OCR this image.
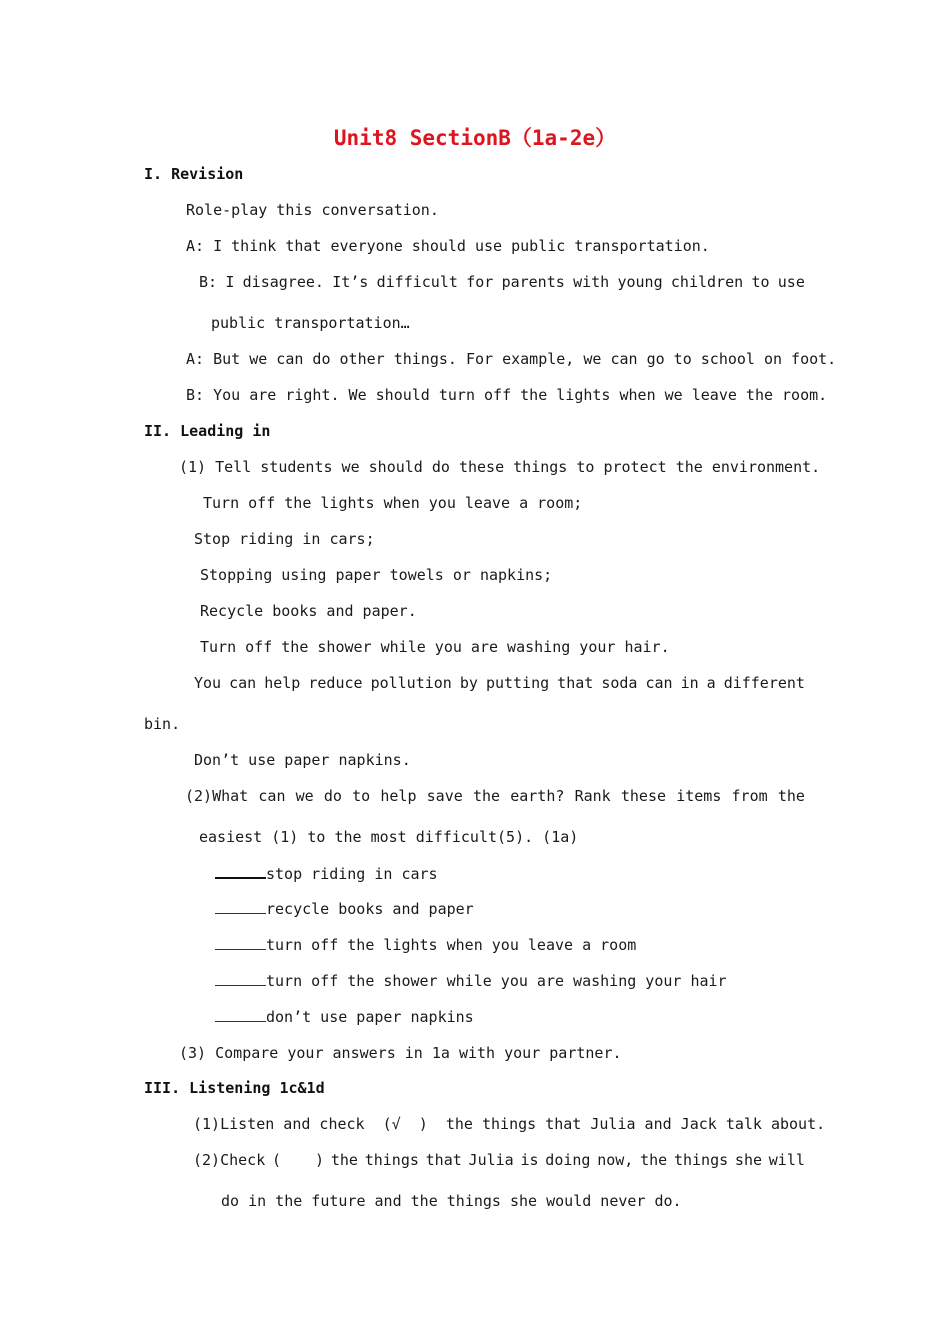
Unit8 SectionB（1a-2e）
I. Revision
Role-play this conversation.
A: I think that everyone should use public transportation.
B: I disagree. It’s difficult for parents with young children to use
public transportation…
A: But we can do other things. For example, we can go to school on foot.
B: You are right. We should turn off the lights when we leave the room.
II. Leading in
(1) Tell students we should do these things to protect the environment.
Turn off the lights when you leave a room;
Stop riding in cars;
Stopping using paper towels or napkins;
Recycle books and paper.
Turn off the shower while you are washing your hair.
You can help reduce pollution by putting that soda can in a different
bin.
Don’t use paper napkins.
(2)What can we do to help save the earth? Rank these items from the
easiest (1) to the most difficult(5). (1a)
stop riding in cars
recycle books and paper
turn off the lights when you leave a room
turn off the shower while you are washing your hair
don’t use paper napkins
(3) Compare your answers in 1a with your partner.
III. Listening 1c&1d
(1)Listen and check  (√  )  the things that Julia and Jack talk about.
(2)Check ( ) the things that Julia is doing now, the things she will
do in the future and the things she would never do.
